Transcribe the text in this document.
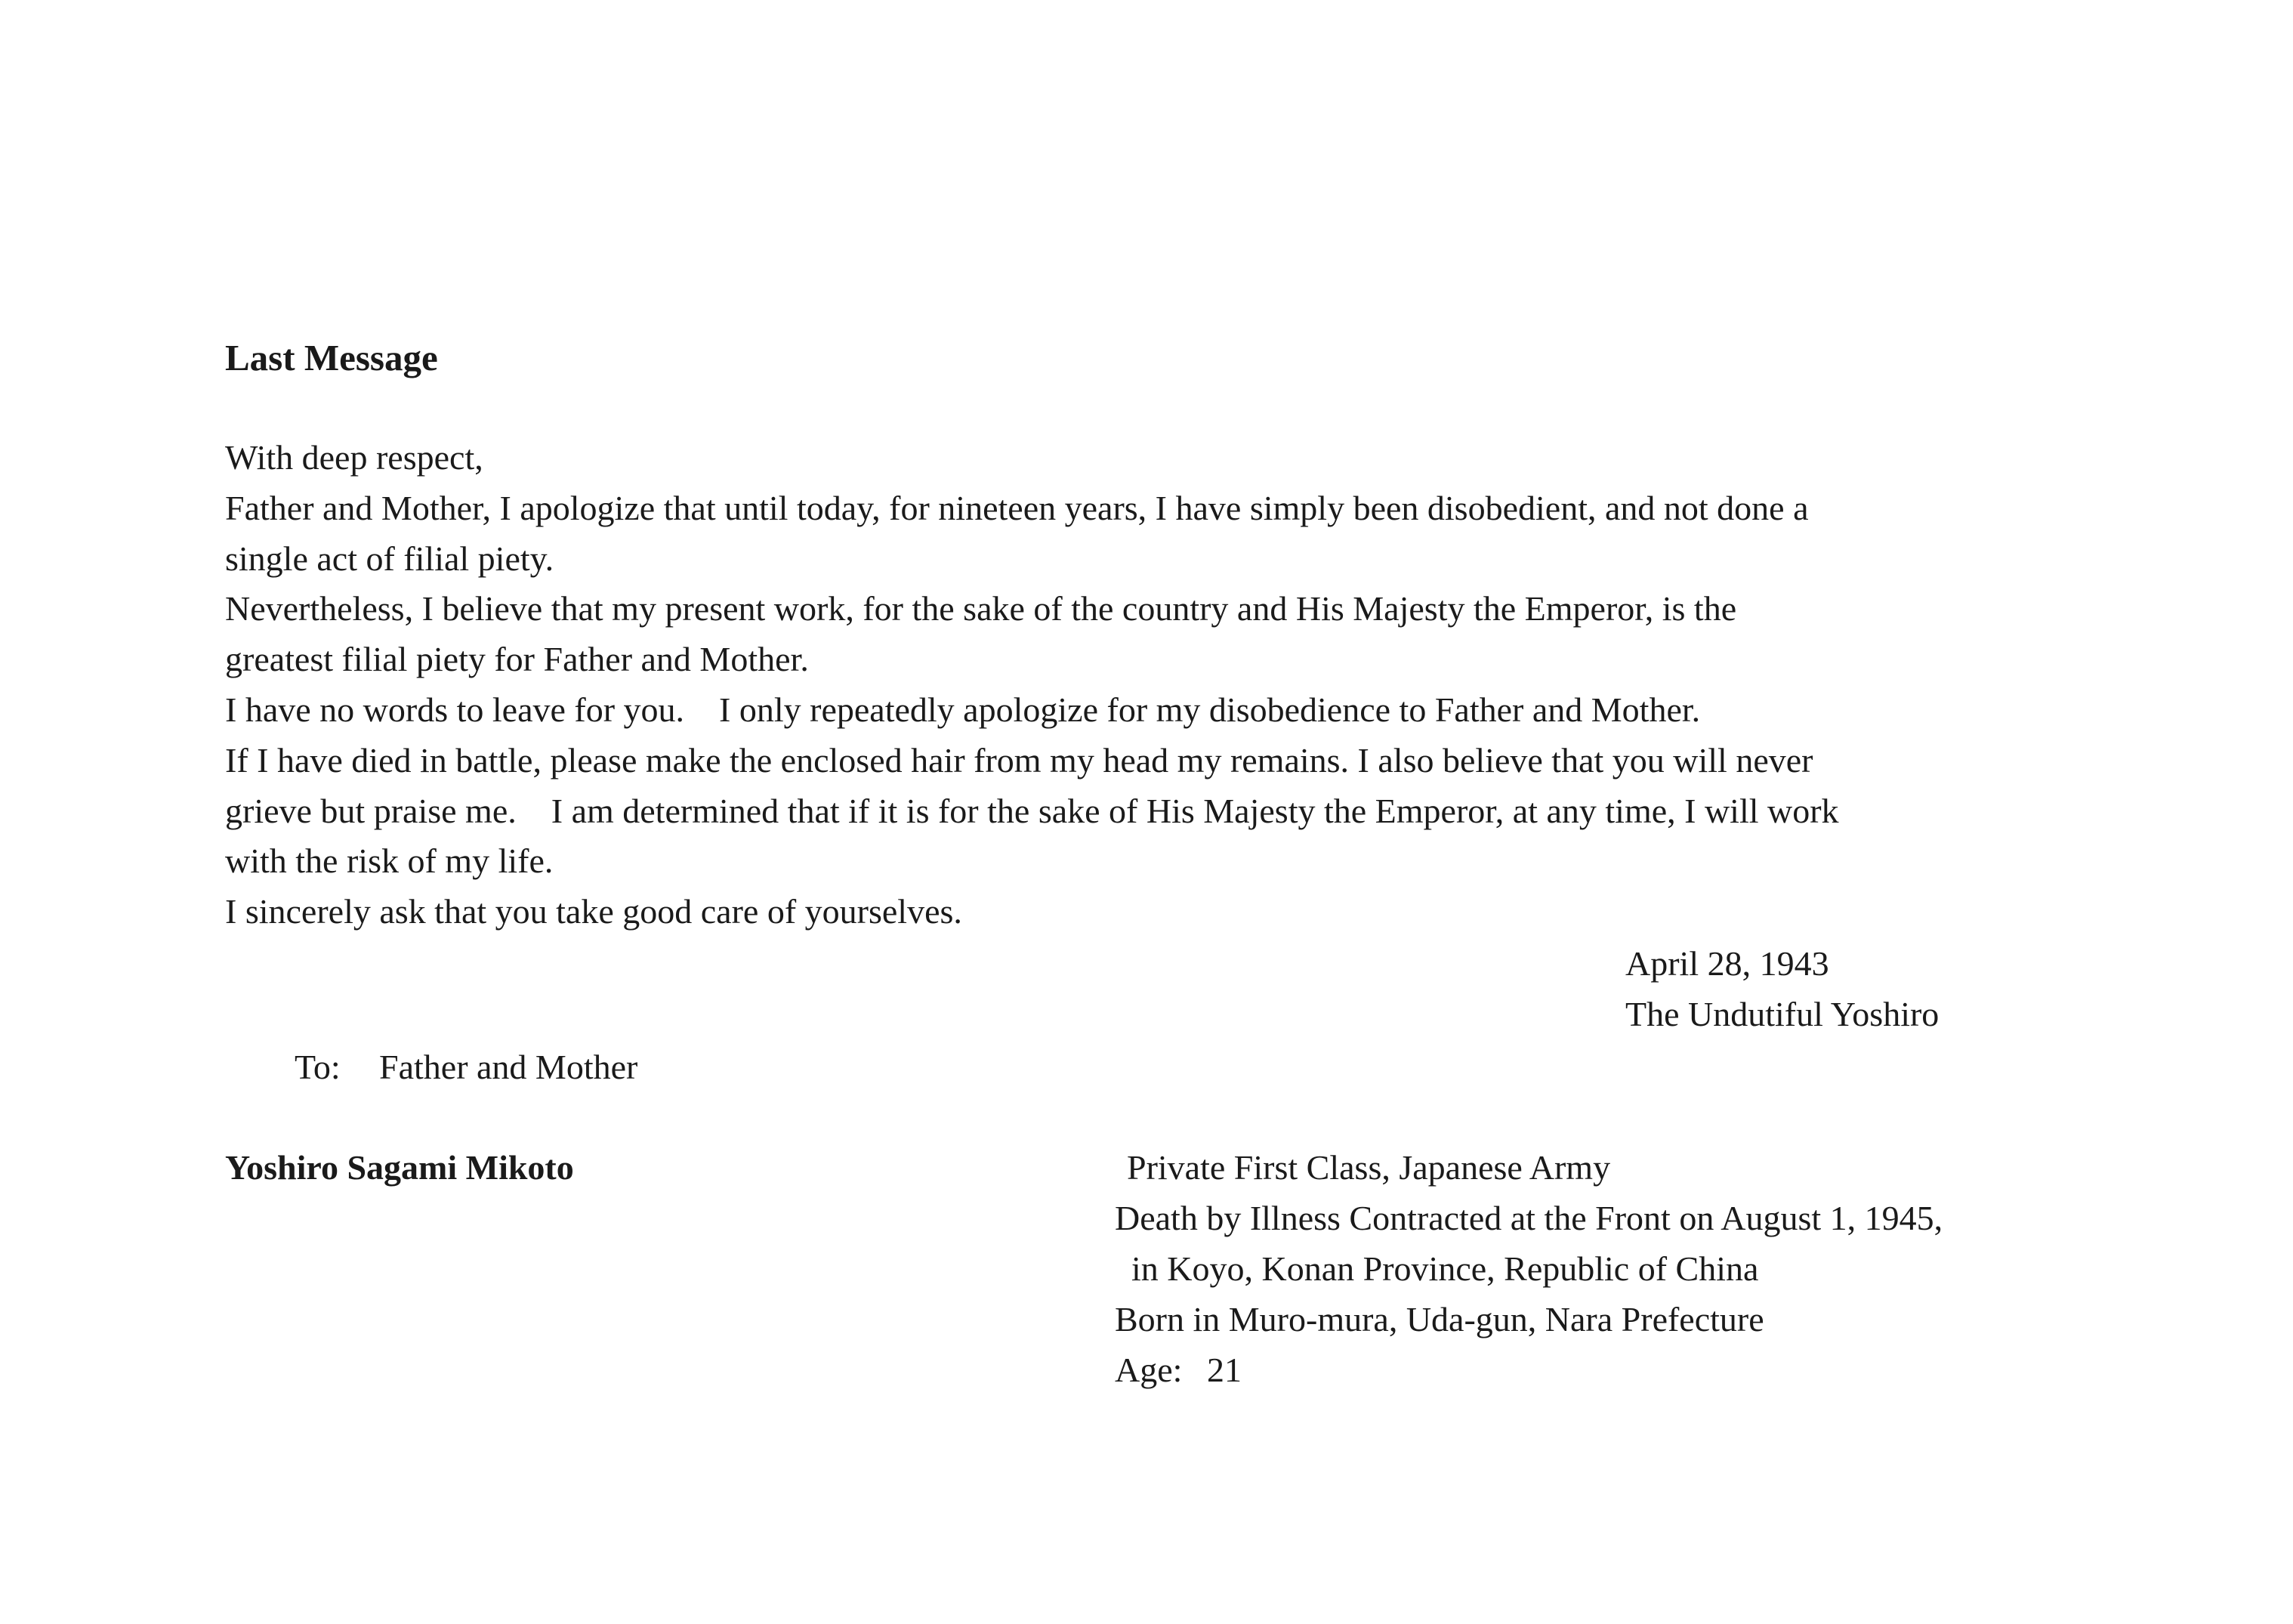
Last Message
With deep respect,
Father and Mother, I apologize that until today, for nineteen years, I have simply been disobedient, and not done a
single act of filial piety.
Nevertheless, I believe that my present work, for the sake of the country and His Majesty the Emperor, is the
greatest filial piety for Father and Mother.
I have no words to leave for you.　I only repeatedly apologize for my disobedience to Father and Mother.
If I have died in battle, please make the enclosed hair from my head my remains. I also believe that you will never
grieve but praise me.　I am determined that if it is for the sake of His Majesty the Emperor, at any time, I will work
with the risk of my life.
I sincerely ask that you take good care of yourselves.
April 28, 1943
The Undutiful Yoshiro
To: Father and Mother
Yoshiro Sagami Mikoto	Private First Class, Japanese Army
Death by Illness Contracted at the Front on August 1, 1945,
in Koyo, Konan Province, Republic of China
Born in Muro-mura, Uda-gun, Nara Prefecture
Age: 21
